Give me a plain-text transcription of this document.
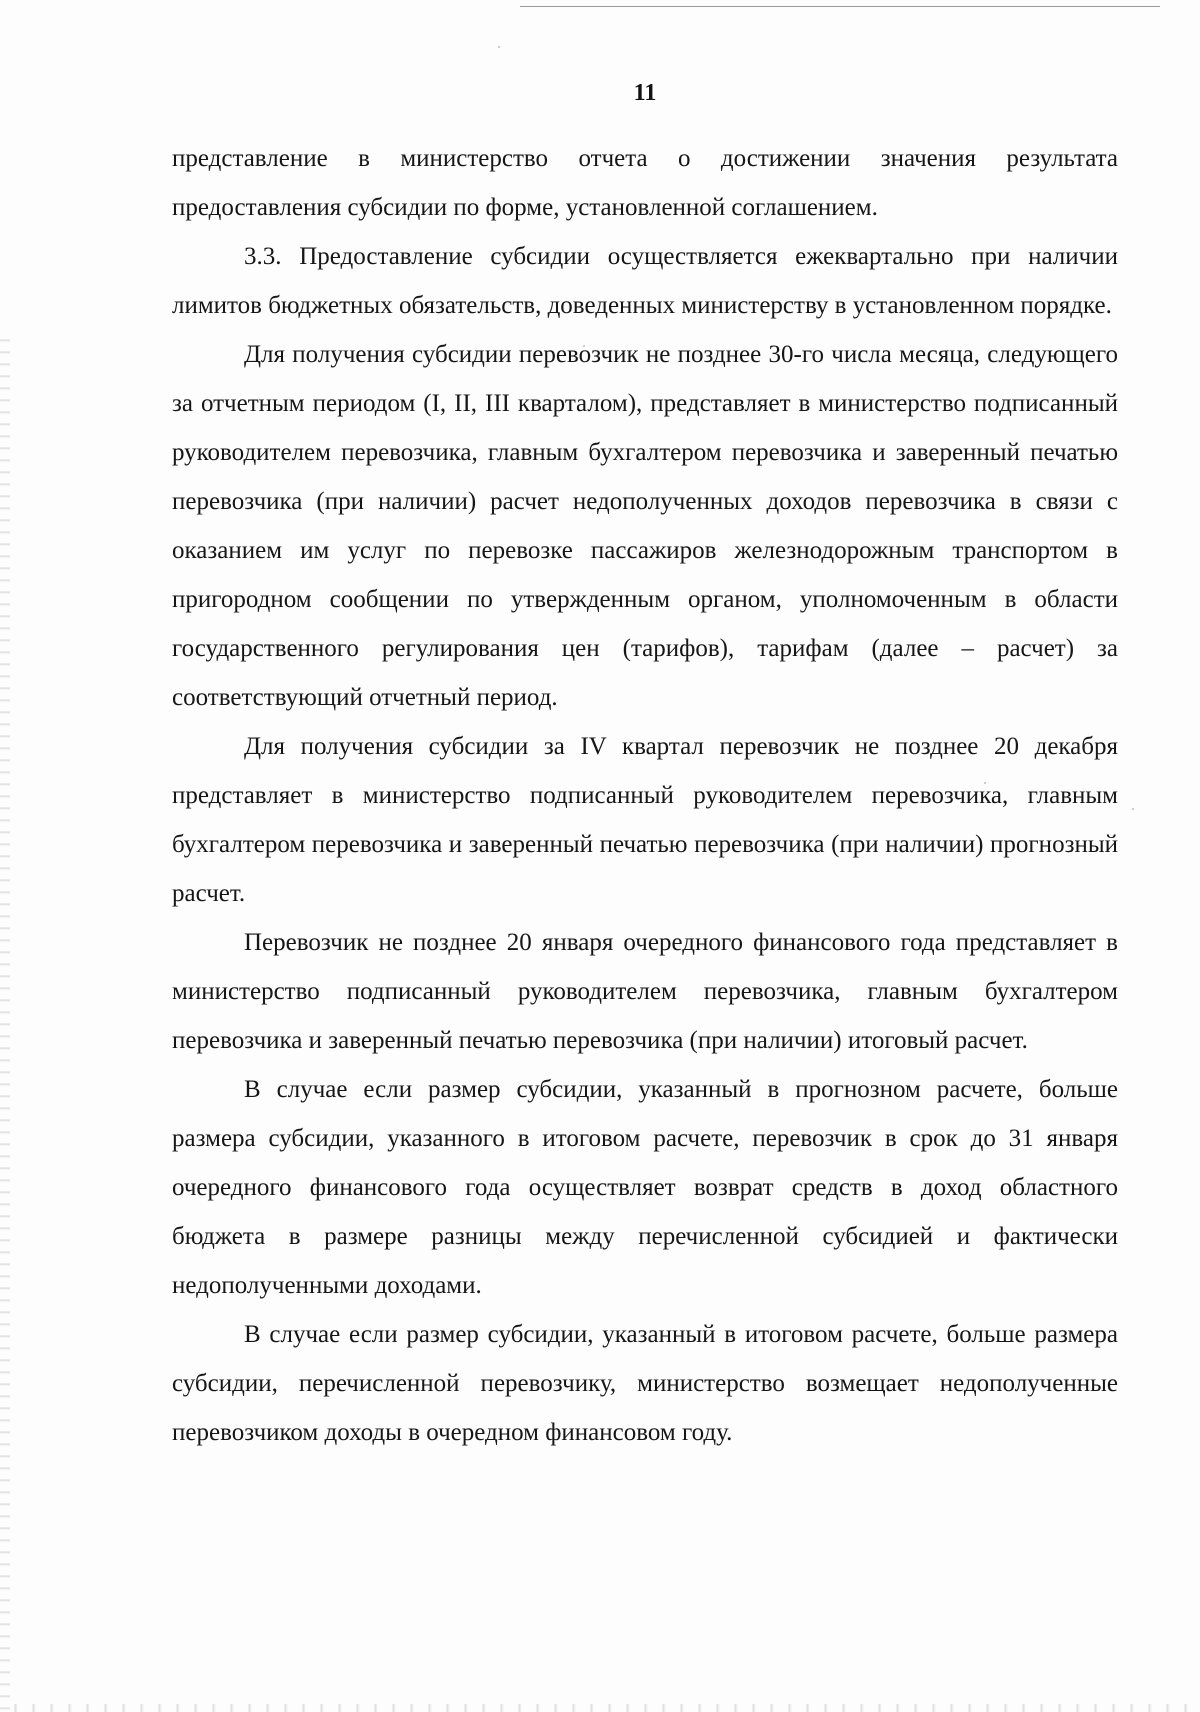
11

представление в министерство отчета о достижении значения результата предоставления субсидии по форме, установленной соглашением.

3.3. Предоставление субсидии осуществляется ежеквартально при наличии лимитов бюджетных обязательств, доведенных министерству в установленном порядке.

Для получения субсидии перевозчик не позднее 30-го числа месяца, следующего за отчетным периодом (I, II, III кварталом), представляет в министерство подписанный руководителем перевозчика, главным бухгалтером перевозчика и заверенный печатью перевозчика (при наличии) расчет недополученных доходов перевозчика в связи с оказанием им услуг по перевозке пассажиров железнодорожным транспортом в пригородном сообщении по утвержденным органом, уполномоченным в области государственного регулирования цен (тарифов), тарифам (далее – расчет) за соответствующий отчетный период.

Для получения субсидии за IV квартал перевозчик не позднее 20 декабря представляет в министерство подписанный руководителем перевозчика, главным бухгалтером перевозчика и заверенный печатью перевозчика (при наличии) прогнозный расчет.

Перевозчик не позднее 20 января очередного финансового года представляет в министерство подписанный руководителем перевозчика, главным бухгалтером перевозчика и заверенный печатью перевозчика (при наличии) итоговый расчет.

В случае если размер субсидии, указанный в прогнозном расчете, больше размера субсидии, указанного в итоговом расчете, перевозчик в срок до 31 января очередного финансового года осуществляет возврат средств в доход областного бюджета в размере разницы между перечисленной субсидией и фактически недополученными доходами.

В случае если размер субсидии, указанный в итоговом расчете, больше размера субсидии, перечисленной перевозчику, министерство возмещает недополученные перевозчиком доходы в очередном финансовом году.
